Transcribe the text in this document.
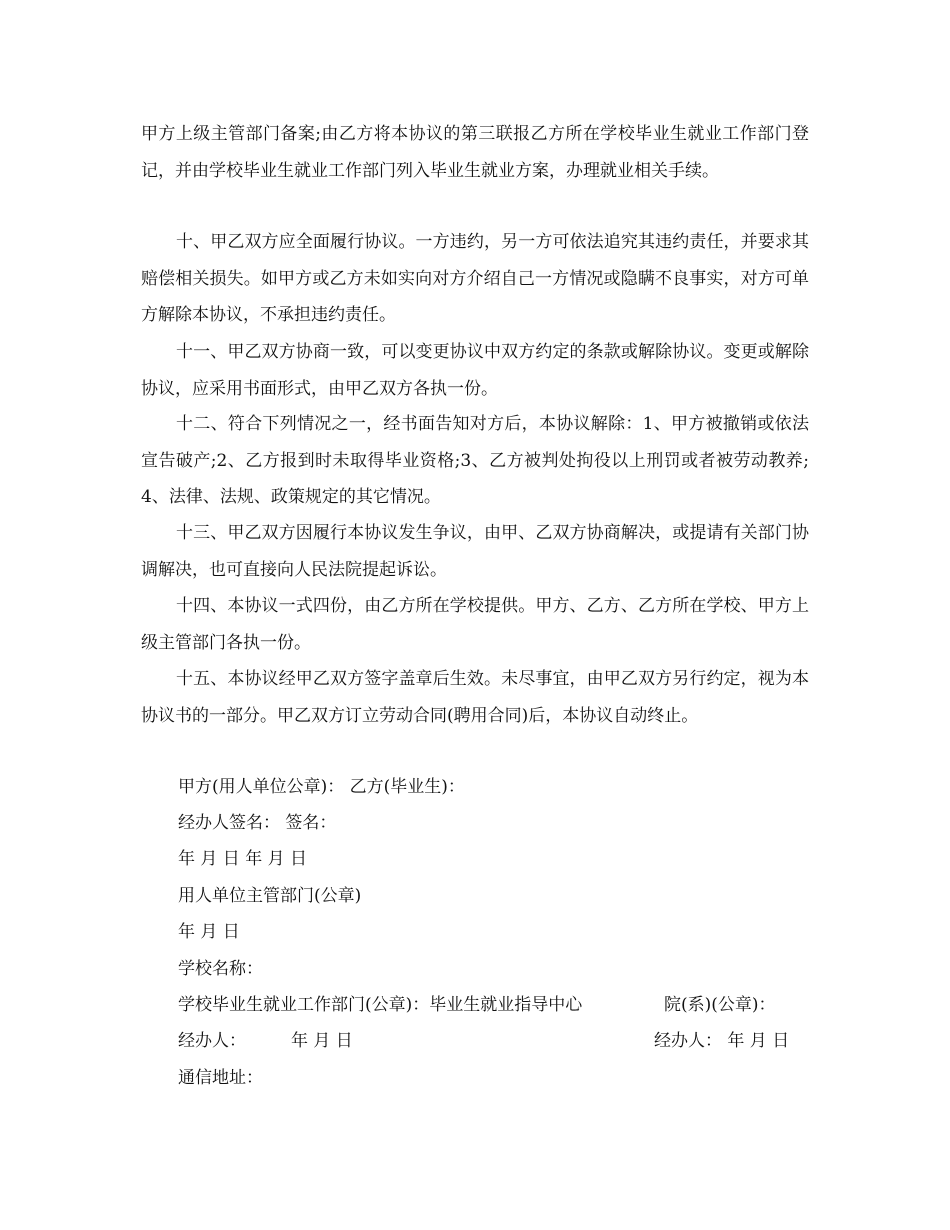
甲方上级主管部门备案;由乙方将本协议的第三联报乙方所在学校毕业生就业工作部门登记，并由学校毕业生就业工作部门列入毕业生就业方案，办理就业相关手续。

十、甲乙双方应全面履行协议。一方违约，另一方可依法追究其违约责任，并要求其赔偿相关损失。如甲方或乙方未如实向对方介绍自己一方情况或隐瞒不良事实，对方可单方解除本协议，不承担违约责任。

十一、甲乙双方协商一致，可以变更协议中双方约定的条款或解除协议。变更或解除协议，应采用书面形式，由甲乙双方各执一份。

十二、符合下列情况之一，经书面告知对方后，本协议解除：1、甲方被撤销或依法宣告破产;2、乙方报到时未取得毕业资格;3、乙方被判处拘役以上刑罚或者被劳动教养;4、法律、法规、政策规定的其它情况。

十三、甲乙双方因履行本协议发生争议，由甲、乙双方协商解决，或提请有关部门协调解决，也可直接向人民法院提起诉讼。

十四、本协议一式四份，由乙方所在学校提供。甲方、乙方、乙方所在学校、甲方上级主管部门各执一份。

十五、本协议经甲乙双方签字盖章后生效。未尽事宜，由甲乙双方另行约定，视为本协议书的一部分。甲乙双方订立劳动合同(聘用合同)后，本协议自动终止。

甲方(用人单位公章)： 乙方(毕业生)：
经办人签名： 签名：
年 月 日 年 月 日
用人单位主管部门(公章)
年 月 日
学校名称：
学校毕业生就业工作部门(公章)：毕业生就业指导中心	院(系)(公章)：
经办人：	年 月 日	经办人： 年 月 日
通信地址：
